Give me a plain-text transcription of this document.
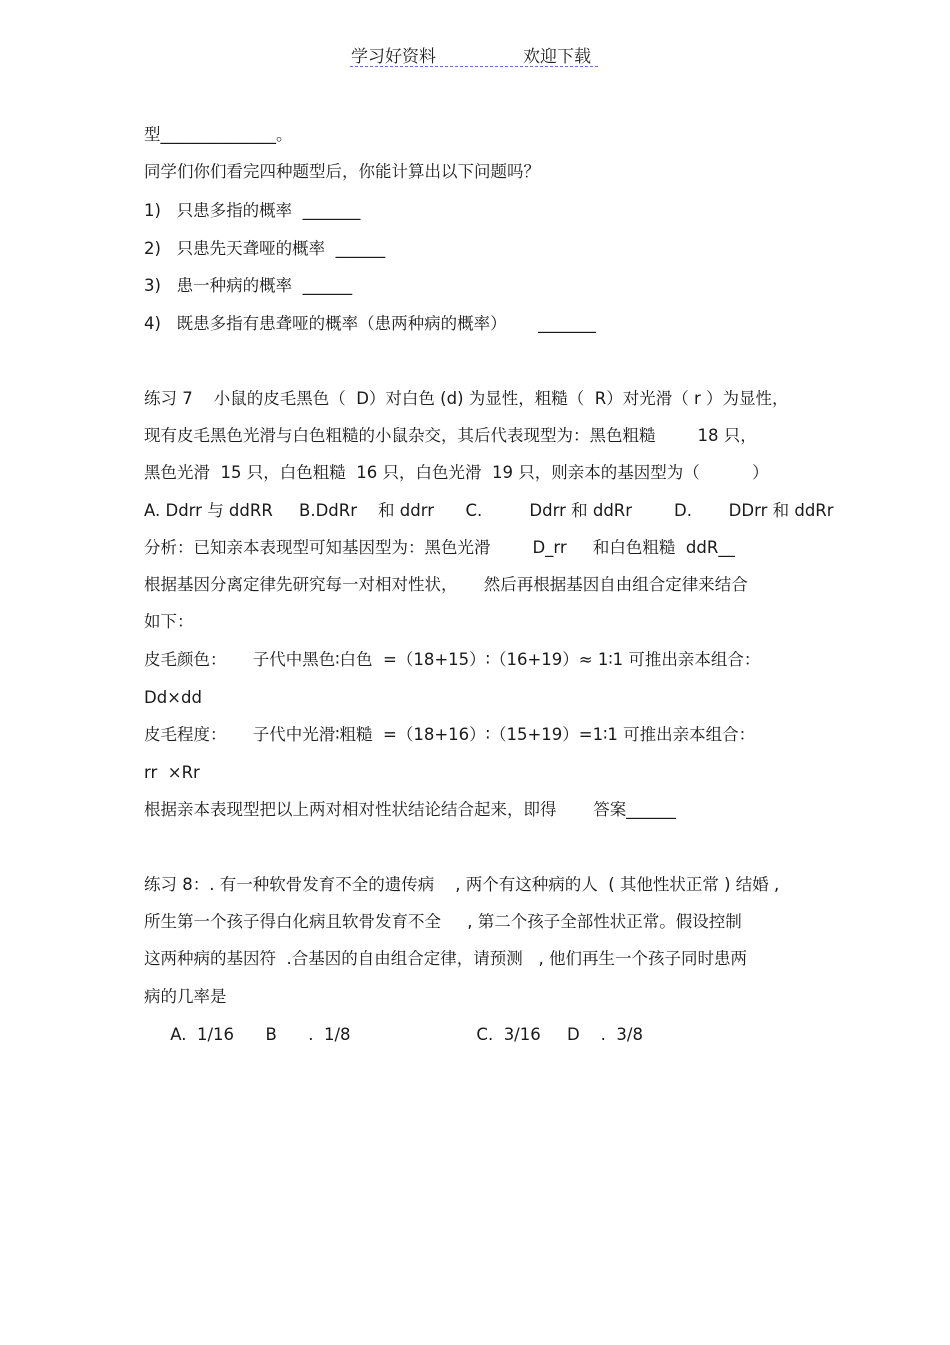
学习好资料	欢迎下载
型______________。
同学们你们看完四种题型后，你能计算出以下问题吗？
1)   只患多指的概率  _______
2)   只患先天聋哑的概率  ______
3)   患一种病的概率  ______
4)   既患多指有患聋哑的概率（患两种病的概率）      _______
练习 7    小鼠的皮毛黑色（  D）对白色 (d) 为显性，粗糙（  R）对光滑（ r ）为显性，
现有皮毛黑色光滑与白色粗糙的小鼠杂交，其后代表现型为：黑色粗糙        18 只，
黑色光滑  15 只，白色粗糙  16 只，白色光滑  19 只，则亲本的基因型为（          ）
A. Ddrr 与 ddRR     B.DdRr    和 ddrr      C.         Ddrr 和 ddRr        D.       DDrr 和 ddRr
分析：已知亲本表现型可知基因型为：黑色光滑        D_rr     和白色粗糙  ddR__
根据基因分离定律先研究每一对相对性状，     然后再根据基因自由组合定律来结合
如下：
皮毛颜色：     子代中黑色∶白色  =（18+15）∶（16+19）≈ 1∶1 可推出亲本组合：
Dd×dd
皮毛程度：     子代中光滑∶粗糙  =（18+16）∶（15+19）=1∶1 可推出亲本组合：
rr  ×Rr
根据亲本表现型把以上两对相对性状结论结合起来，即得       答案______
练习 8：. 有一种软骨发育不全的遗传病    , 两个有这种病的人  ( 其他性状正常 ) 结婚 ,
所生第一个孩子得白化病且软骨发育不全     , 第二个孩子全部性状正常。假设控制
这两种病的基因符  .合基因的自由组合定律，请预测   , 他们再生一个孩子同时患两
病的几率是
A.  1/16      B      .  1/8                        C.  3/16     D    .  3/8
